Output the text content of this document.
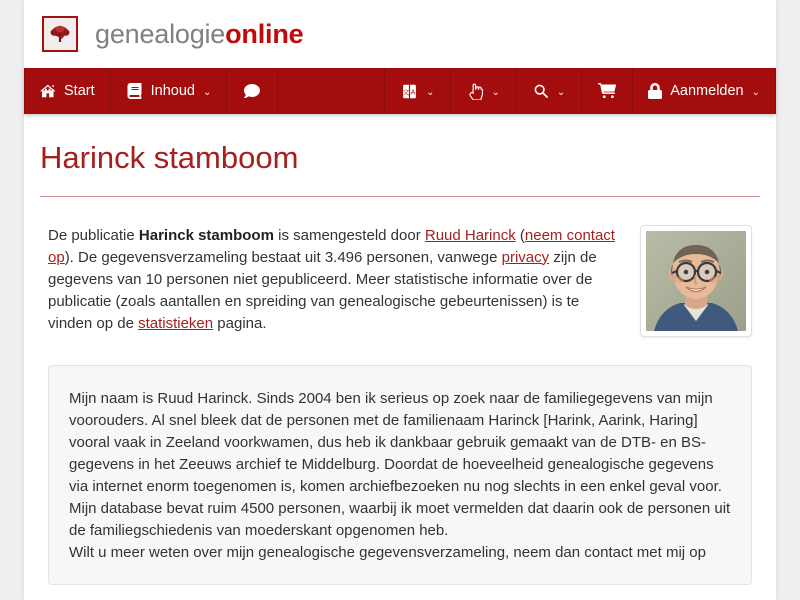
genealogieonline
Start	Inhoud ⌄	文 A ⌄	⌄	⌄	Aanmelden ⌄
Harinck stamboom
De publicatie Harinck stamboom is samengesteld door Ruud Harinck (neem contact op). De gegevensverzameling bestaat uit 3.496 personen, vanwege privacy zijn de gegevens van 10 personen niet gepubliceerd. Meer statistische informatie over de publicatie (zoals aantallen en spreiding van genealogische gebeurtenissen) is te vinden op de statistieken pagina.

Mijn naam is Ruud Harinck. Sinds 2004 ben ik serieus op zoek naar de familiegegevens van mijn voorouders. Al snel bleek dat de personen met de familienaam Harinck [Harink, Aarink, Haring] vooral vaak in Zeeland voorkwamen, dus heb ik dankbaar gebruik gemaakt van de DTB- en BS-gegevens in het Zeeuws archief te Middelburg. Doordat de hoeveelheid genealogische gegevens via internet enorm toegenomen is, komen archiefbezoeken nu nog slechts in een enkel geval voor.

Mijn database bevat ruim 4500 personen, waarbij ik moet vermelden dat daarin ook de personen uit de familiegschiedenis van moederskant opgenomen heb.

Wilt u meer weten over mijn genealogische gegevensverzameling, neem dan contact met mij op
